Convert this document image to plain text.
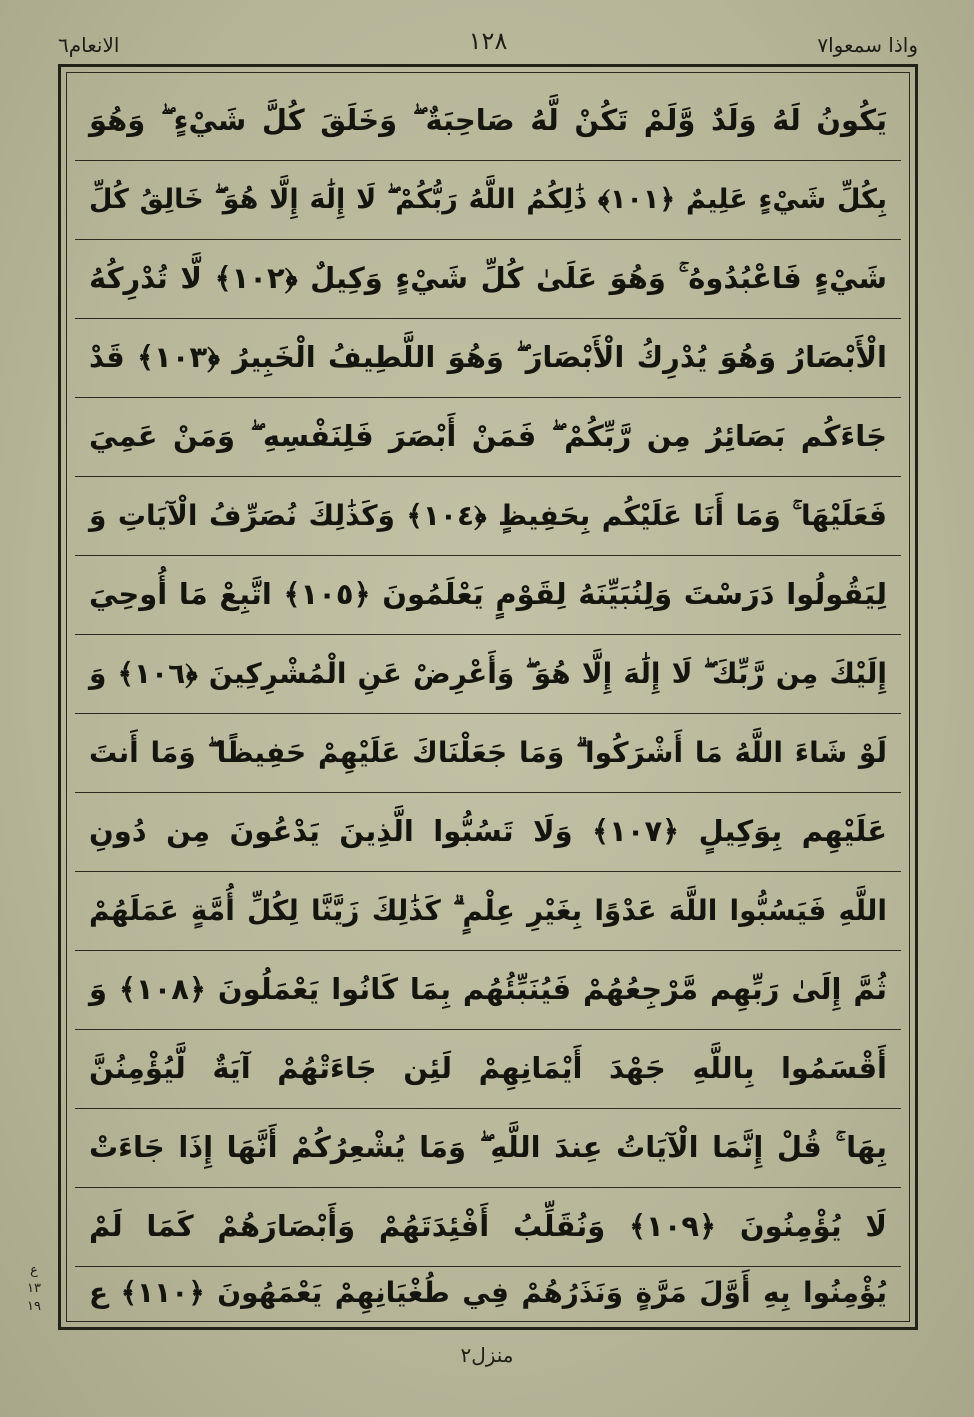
الانعام٦	١٢٨	واذا سمعوا٧
يَكُونُ لَهُ وَلَدٌ وَّلَمْ تَكُنْ لَّهُ صَاحِبَةٌ ۖ وَخَلَقَ كُلَّ شَيْءٍ ۖ وَهُوَ
بِكُلِّ شَيْءٍ عَلِيمٌ ﴿١٠١﴾ ذَٰلِكُمُ اللَّهُ رَبُّكُمْ ۖ لَا إِلَٰهَ إِلَّا هُوَ ۖ خَالِقُ كُلِّ
شَيْءٍ فَاعْبُدُوهُ ۚ وَهُوَ عَلَىٰ كُلِّ شَيْءٍ وَكِيلٌ ﴿١٠٢﴾ لَّا تُدْرِكُهُ
الْأَبْصَارُ وَهُوَ يُدْرِكُ الْأَبْصَارَ ۖ وَهُوَ اللَّطِيفُ الْخَبِيرُ ﴿١٠٣﴾ قَدْ
جَاءَكُم بَصَائِرُ مِن رَّبِّكُمْ ۖ فَمَنْ أَبْصَرَ فَلِنَفْسِهِ ۖ وَمَنْ عَمِيَ
فَعَلَيْهَا ۚ وَمَا أَنَا عَلَيْكُم بِحَفِيظٍ ﴿١٠٤﴾ وَكَذَٰلِكَ نُصَرِّفُ الْآيَاتِ وَ
لِيَقُولُوا دَرَسْتَ وَلِنُبَيِّنَهُ لِقَوْمٍ يَعْلَمُونَ ﴿١٠٥﴾ اتَّبِعْ مَا أُوحِيَ
إِلَيْكَ مِن رَّبِّكَ ۖ لَا إِلَٰهَ إِلَّا هُوَ ۖ وَأَعْرِضْ عَنِ الْمُشْرِكِينَ ﴿١٠٦﴾ وَ
لَوْ شَاءَ اللَّهُ مَا أَشْرَكُوا ۗ وَمَا جَعَلْنَاكَ عَلَيْهِمْ حَفِيظًا ۖ وَمَا أَنتَ
عَلَيْهِم بِوَكِيلٍ ﴿١٠٧﴾ وَلَا تَسُبُّوا الَّذِينَ يَدْعُونَ مِن دُونِ
اللَّهِ فَيَسُبُّوا اللَّهَ عَدْوًا بِغَيْرِ عِلْمٍ ۗ كَذَٰلِكَ زَيَّنَّا لِكُلِّ أُمَّةٍ عَمَلَهُمْ
ثُمَّ إِلَىٰ رَبِّهِم مَّرْجِعُهُمْ فَيُنَبِّئُهُم بِمَا كَانُوا يَعْمَلُونَ ﴿١٠٨﴾ وَ
أَقْسَمُوا بِاللَّهِ جَهْدَ أَيْمَانِهِمْ لَئِن جَاءَتْهُمْ آيَةٌ لَّيُؤْمِنُنَّ
بِهَا ۚ قُلْ إِنَّمَا الْآيَاتُ عِندَ اللَّهِ ۖ وَمَا يُشْعِرُكُمْ أَنَّهَا إِذَا جَاءَتْ
لَا يُؤْمِنُونَ ﴿١٠٩﴾ وَنُقَلِّبُ أَفْئِدَتَهُمْ وَأَبْصَارَهُمْ كَمَا لَمْ
يُؤْمِنُوا بِهِ أَوَّلَ مَرَّةٍ وَنَذَرُهُمْ فِي طُغْيَانِهِمْ يَعْمَهُونَ ﴿١١٠﴾ ع
ع
١٣
١٩
منزل٢
